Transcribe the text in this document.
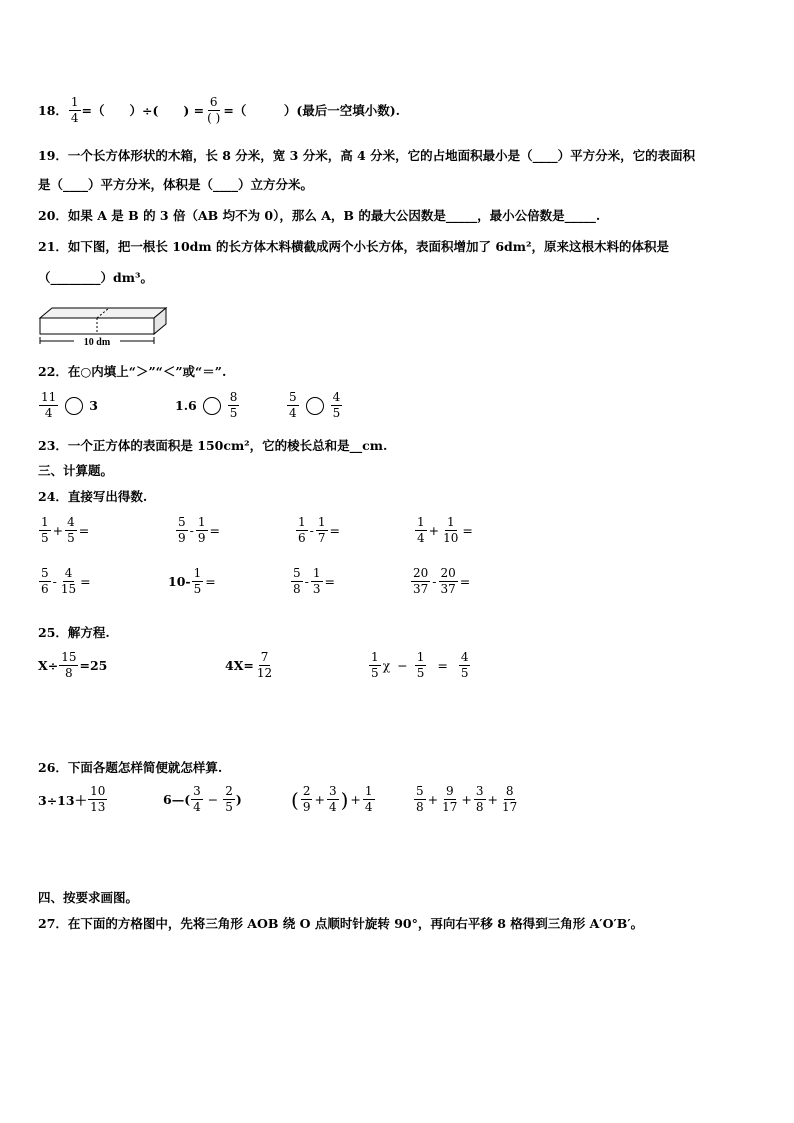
18． $\frac{1}{4}$ =（　　）÷(　　) = $\frac{6}{( )}$ =（　　　）(最后一空填小数).
19．一个长方体形状的木箱，长 8 分米，宽 3 分米，高 4 分米，它的占地面积最小是（____）平方分米，它的表面积
是（____）平方分米，体积是（____）立方分米。
20．如果 A 是 B 的 3 倍（AB 均不为 0），那么 A，B 的最大公因数是_____，最小公倍数是_____.
21．如下图，把一根长 10dm 的长方体木料横截成两个小长方体，表面积增加了 6dm²，原来这根木料的体积是
（________）dm³。
10 dm
22．在○内填上“＞”“＜”或“＝”.
$\frac{11}{4} 3$	1.6	$\frac{8}{5}$	$\frac{5}{4}$	$\frac{4}{5}$
23．一个正方体的表面积是 150cm²，它的棱长总和是__cm.
三、计算题。
24．直接写出得数.
$\frac{1}{5} + \frac{4}{5}$ =	$\frac{5}{9} - \frac{1}{9}$ =	$\frac{1}{6} - \frac{1}{7}$ =	$\frac{1}{4} + \frac{1}{10}$ =
$\frac{5}{6} - \frac{4}{15}$ =	$10- \frac{1}{5}$ =	$\frac{5}{8} - \frac{1}{3}$ =	$\frac{20}{37} - \frac{20}{37}$ =
25．解方程.
$X\div \frac{15}{8} =25$	$4X= \frac{7}{12}$	$\frac{1}{5}$ $\chi - \frac{1}{5} = \frac{4}{5}$
26．下面各题怎样简便就怎样算.
$3\div 13+ \frac{10}{13}$	6—( $\frac{3}{4} - \frac{2}{5}$ ) ( $\frac{2}{9} + \frac{3}{4}$ ) + $\frac{1}{4}$	$\frac{5}{8} + \frac{9}{17} + \frac{3}{8} + \frac{8}{17}$
四、按要求画图。
27．在下面的方格图中，先将三角形 AOB 绕 O 点顺时针旋转 90°，再向右平移 8 格得到三角形 A′O′B′。
